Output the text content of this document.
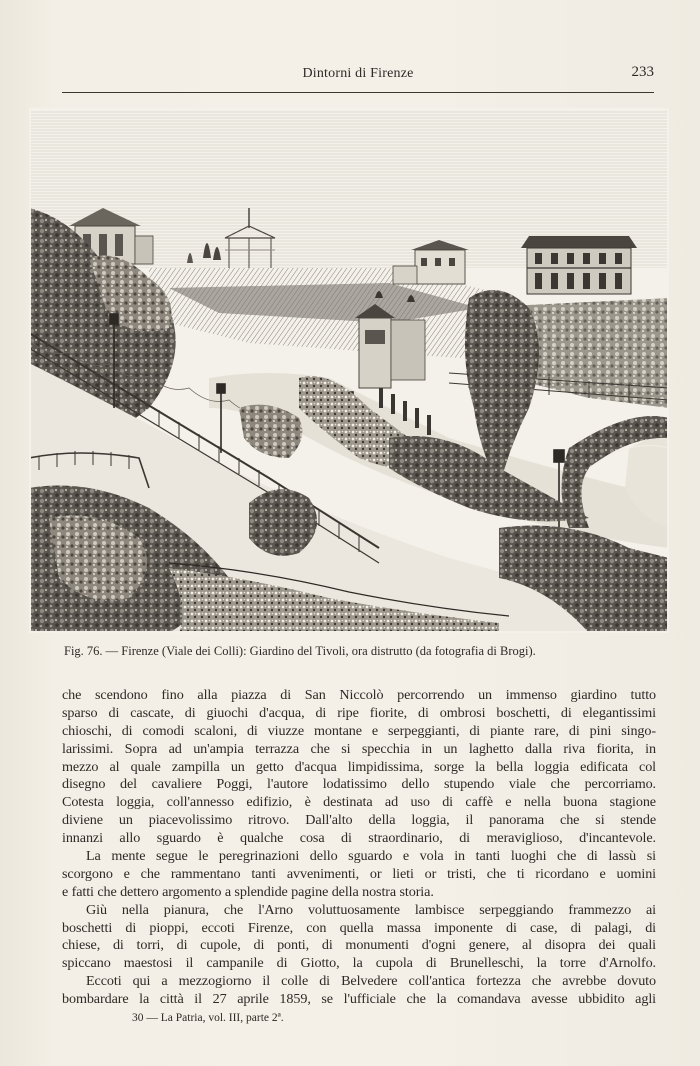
Dintorni di Firenze	233
Fig. 76. — Firenze (Viale dei Colli): Giardino del Tivoli, ora distrutto (da fotografia di Brogi).
che scendono fino alla piazza di San Niccolò percorrendo un immenso giardino tutto
sparso di cascate, di giuochi d'acqua, di ripe fiorite, di ombrosi boschetti, di elegantissimi
chioschi, di comodi scaloni, di viuzze montane e serpeggianti, di piante rare, di pini singo-
larissimi. Sopra ad un'ampia terrazza che si specchia in un laghetto dalla riva fiorita, in
mezzo al quale zampilla un getto d'acqua limpidissima, sorge la bella loggia edificata col
disegno del cavaliere Poggi, l'autore lodatissimo dello stupendo viale che percorriamo.
Cotesta loggia, coll'annesso edifizio, è destinata ad uso di caffè e nella buona stagione
diviene un piacevolissimo ritrovo. Dall'alto della loggia, il panorama che si stende
innanzi allo sguardo è qualche cosa di straordinario, di meraviglioso, d'incantevole.
La mente segue le peregrinazioni dello sguardo e vola in tanti luoghi che di lassù si
scorgono e che rammentano tanti avvenimenti, or lieti or tristi, che ti ricordano e uomini
e fatti che dettero argomento a splendide pagine della nostra storia.
Giù nella pianura, che l'Arno voluttuosamente lambisce serpeggiando frammezzo ai
boschetti di pioppi, eccoti Firenze, con quella massa imponente di case, di palagi, di
chiese, di torri, di cupole, di ponti, di monumenti d'ogni genere, al disopra dei quali
spiccano maestosi il campanile di Giotto, la cupola di Brunelleschi, la torre d'Arnolfo.
Eccoti qui a mezzogiorno il colle di Belvedere coll'antica fortezza che avrebbe dovuto
bombardare la città il 27 aprile 1859, se l'ufficiale che la comandava avesse ubbidito agli
30 — La Patria, vol. III, parte 2ª.
